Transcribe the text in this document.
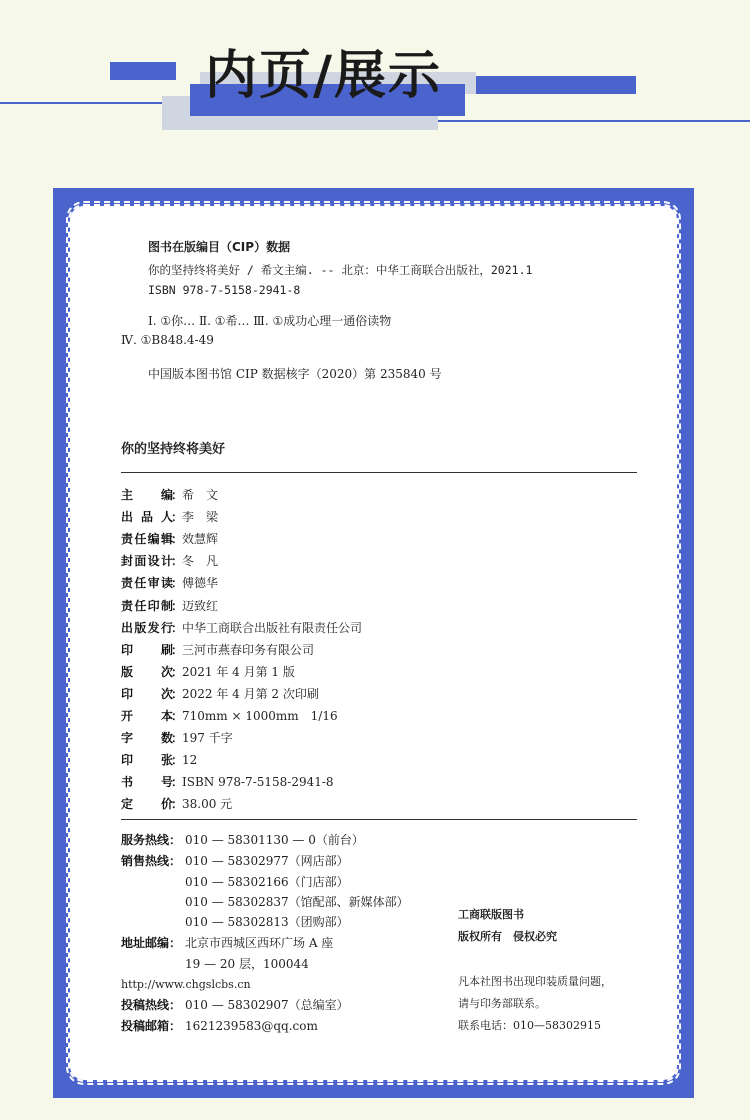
内页/展示
图书在版编目（CIP）数据
你的坚持终将美好 / 希文主编. -- 北京：中华工商联合出版社，2021.1
ISBN 978-7-5158-2941-8
Ⅰ. ①你… Ⅱ. ①希… Ⅲ. ①成功心理一通俗读物
Ⅳ. ①B848.4-49
中国版本图书馆 CIP 数据核字（2020）第 235840 号
你的坚持终将美好
主编
：
希　文
出品人
：
李　梁
责任编辑
：
效慧辉
封面设计
：
冬　凡
责任审读
：
傅德华
责任印制
：
迈致红
出版发行
：
中华工商联合出版社有限责任公司
印刷
：
三河市燕春印务有限公司
版次
：
2021 年 4 月第 1 版
印次
：
2022 年 4 月第 2 次印刷
开本
：
710mm × 1000mm　1/16
字数
：
197 千字
印张
：
12
书号
：
ISBN 978-7-5158-2941-8
定价
：
38.00 元
服务热线 ： 010 — 58301130 — 0（前台）
销售热线 ： 010 — 58302977（网店部）
010 — 58302166（门店部）
010 — 58302837（馆配部、新媒体部）
010 — 58302813（团购部）
地址邮编 ： 北京市西城区西环广场 A 座
19 — 20 层，100044
http://www.chgslcbs.cn
投稿热线 ： 010 — 58302907（总编室）
投稿邮箱 ： 1621239583@qq.com
工商联版图书
版权所有　侵权必究
凡本社图书出现印装质量问题，
请与印务部联系。
联系电话：010—58302915
